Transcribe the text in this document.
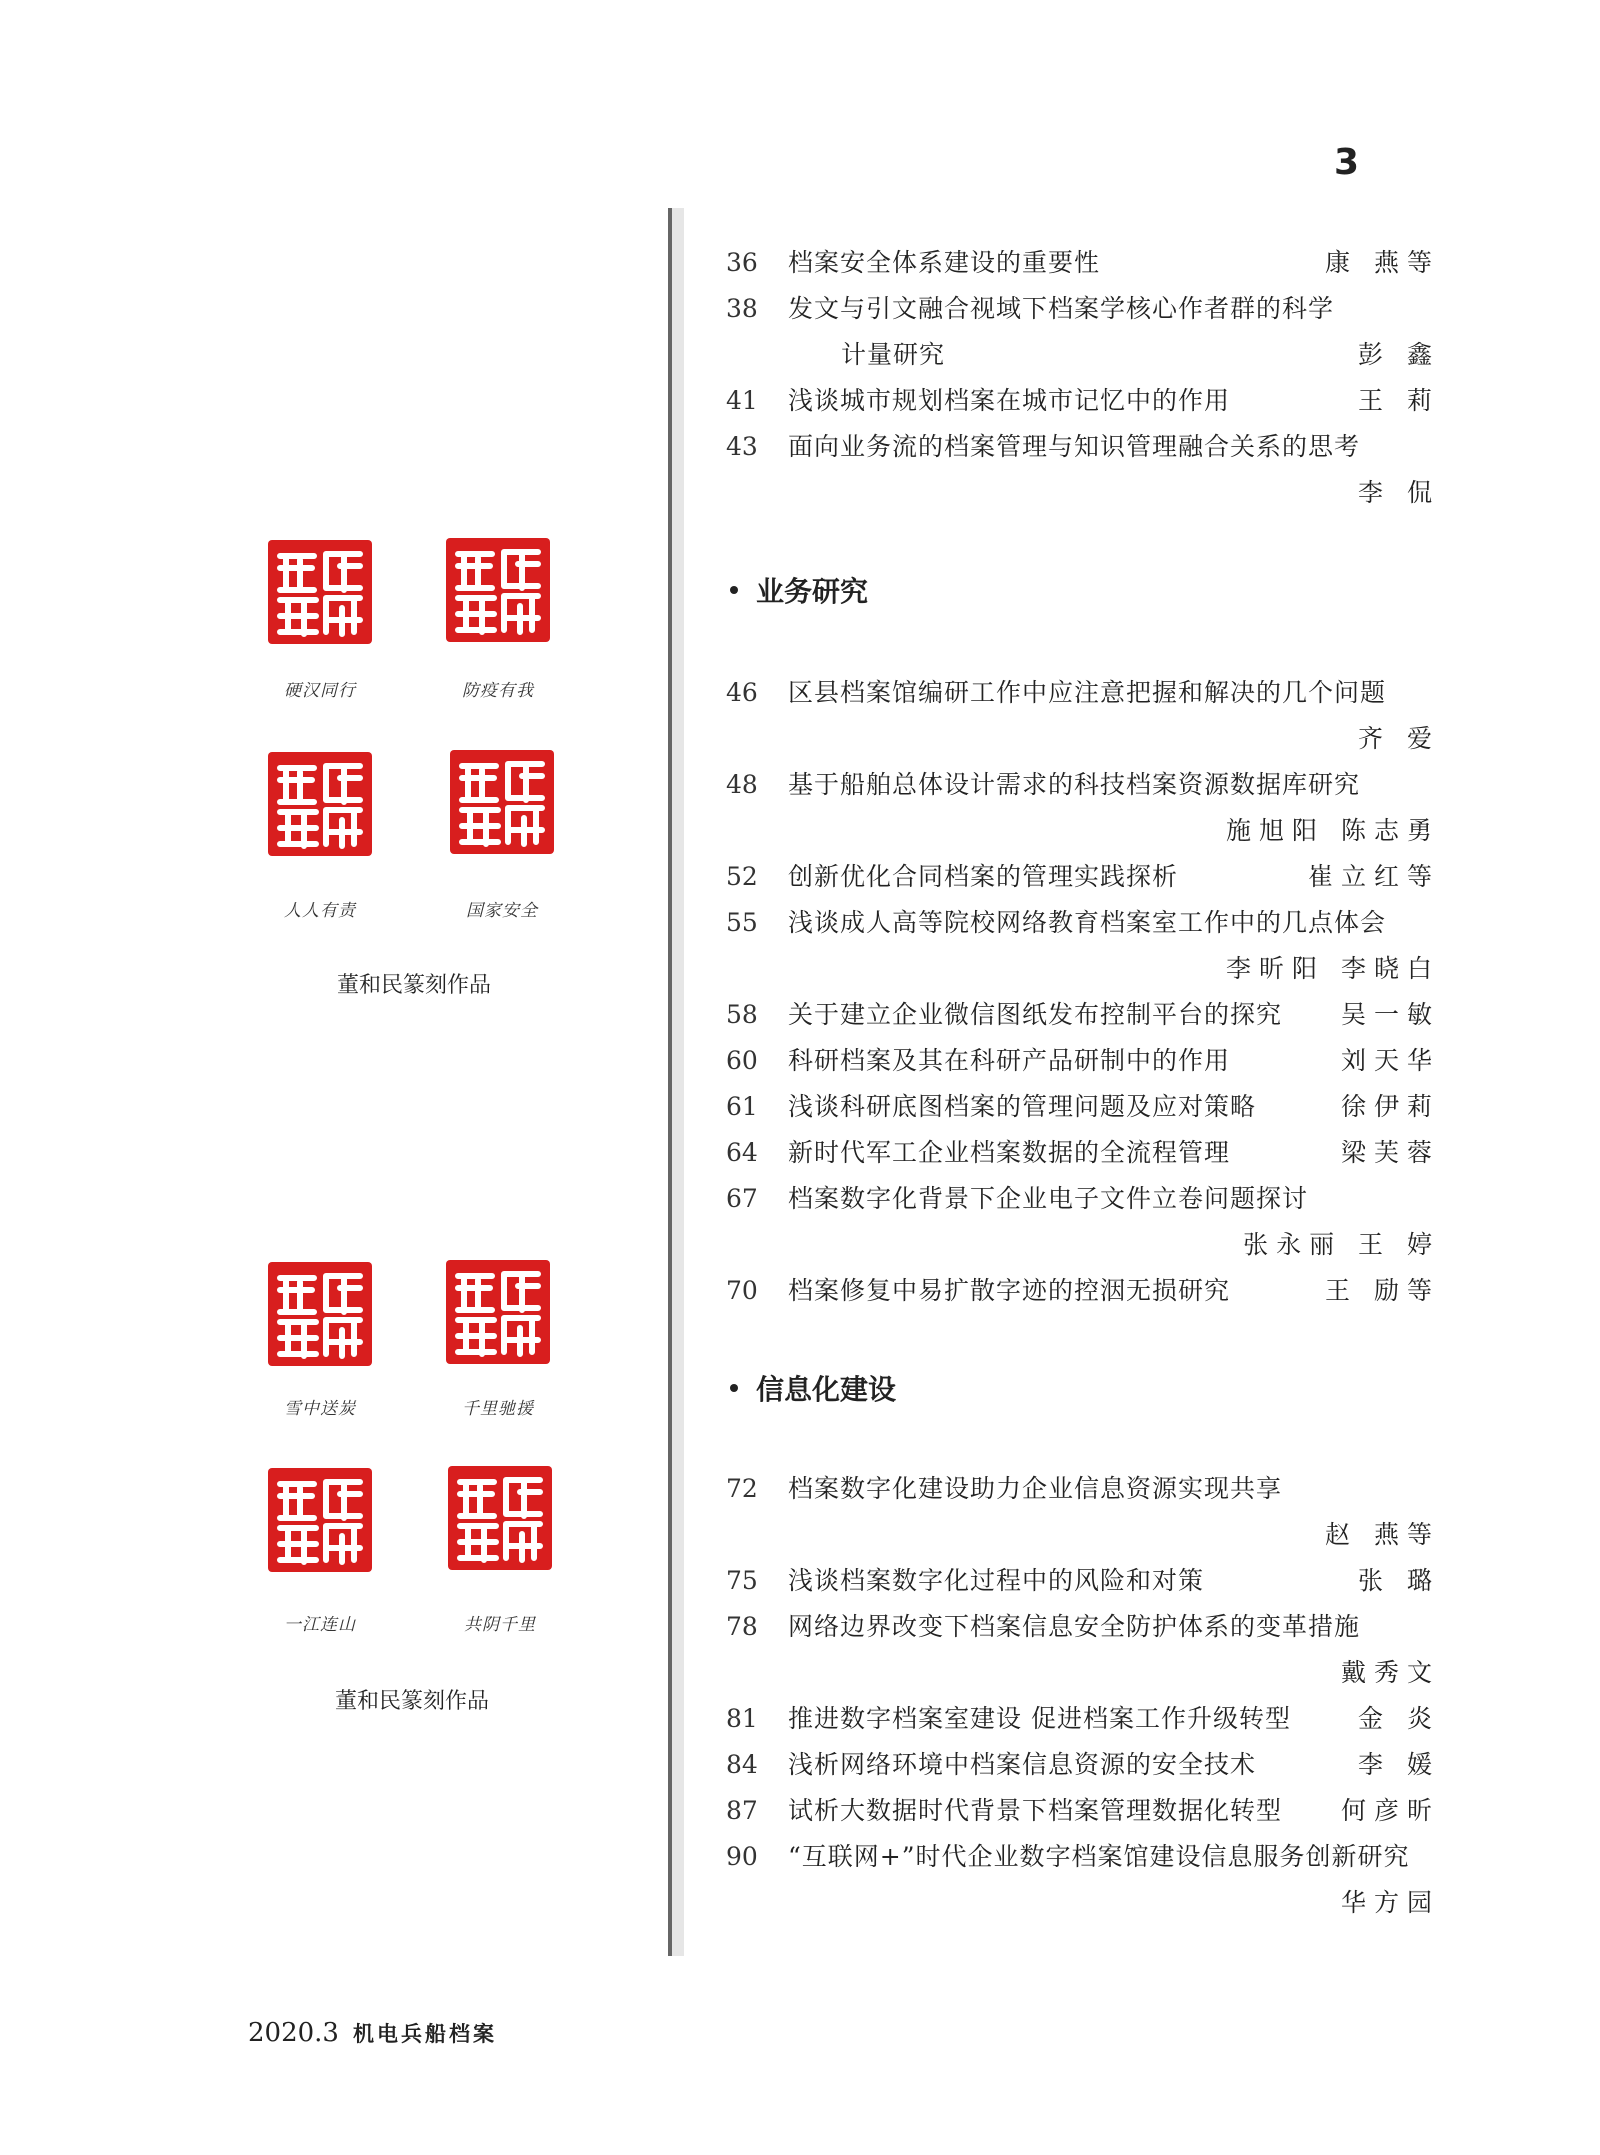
3
硬汉同行	防疫有我
人人有责	国家安全
董和民篆刻作品
雪中送炭	千里驰援
一江连山	共阴千里
董和民篆刻作品
36	档案安全体系建设的重要性	康 燕等
38	发文与引文融合视域下档案学核心作者群的科学
计量研究	彭 鑫
41	浅谈城市规划档案在城市记忆中的作用	王 莉
43	面向业务流的档案管理与知识管理融合关系的思考
李 侃
业务研究
46	区县档案馆编研工作中应注意把握和解决的几个问题
齐 爱
48	基于船舶总体设计需求的科技档案资源数据库研究
施旭阳 陈志勇
52	创新优化合同档案的管理实践探析	崔立红等
55	浅谈成人高等院校网络教育档案室工作中的几点体会
李昕阳 李晓白
58	关于建立企业微信图纸发布控制平台的探究	吴一敏
60	科研档案及其在科研产品研制中的作用	刘天华
61	浅谈科研底图档案的管理问题及应对策略	徐伊莉
64	新时代军工企业档案数据的全流程管理	梁芙蓉
67	档案数字化背景下企业电子文件立卷问题探讨
张永丽 王 婷
70	档案修复中易扩散字迹的控洇无损研究	王 励等
信息化建设
72	档案数字化建设助力企业信息资源实现共享
赵 燕等
75	浅谈档案数字化过程中的风险和对策	张 璐
78	网络边界改变下档案信息安全防护体系的变革措施
戴秀文
81	推进数字档案室建设 促进档案工作升级转型	金 炎
84	浅析网络环境中档案信息资源的安全技术	李 媛
87	试析大数据时代背景下档案管理数据化转型	何彦昕
90	“互联网+”时代企业数字档案馆建设信息服务创新研究
华方园
2020.3 机电兵船档案
